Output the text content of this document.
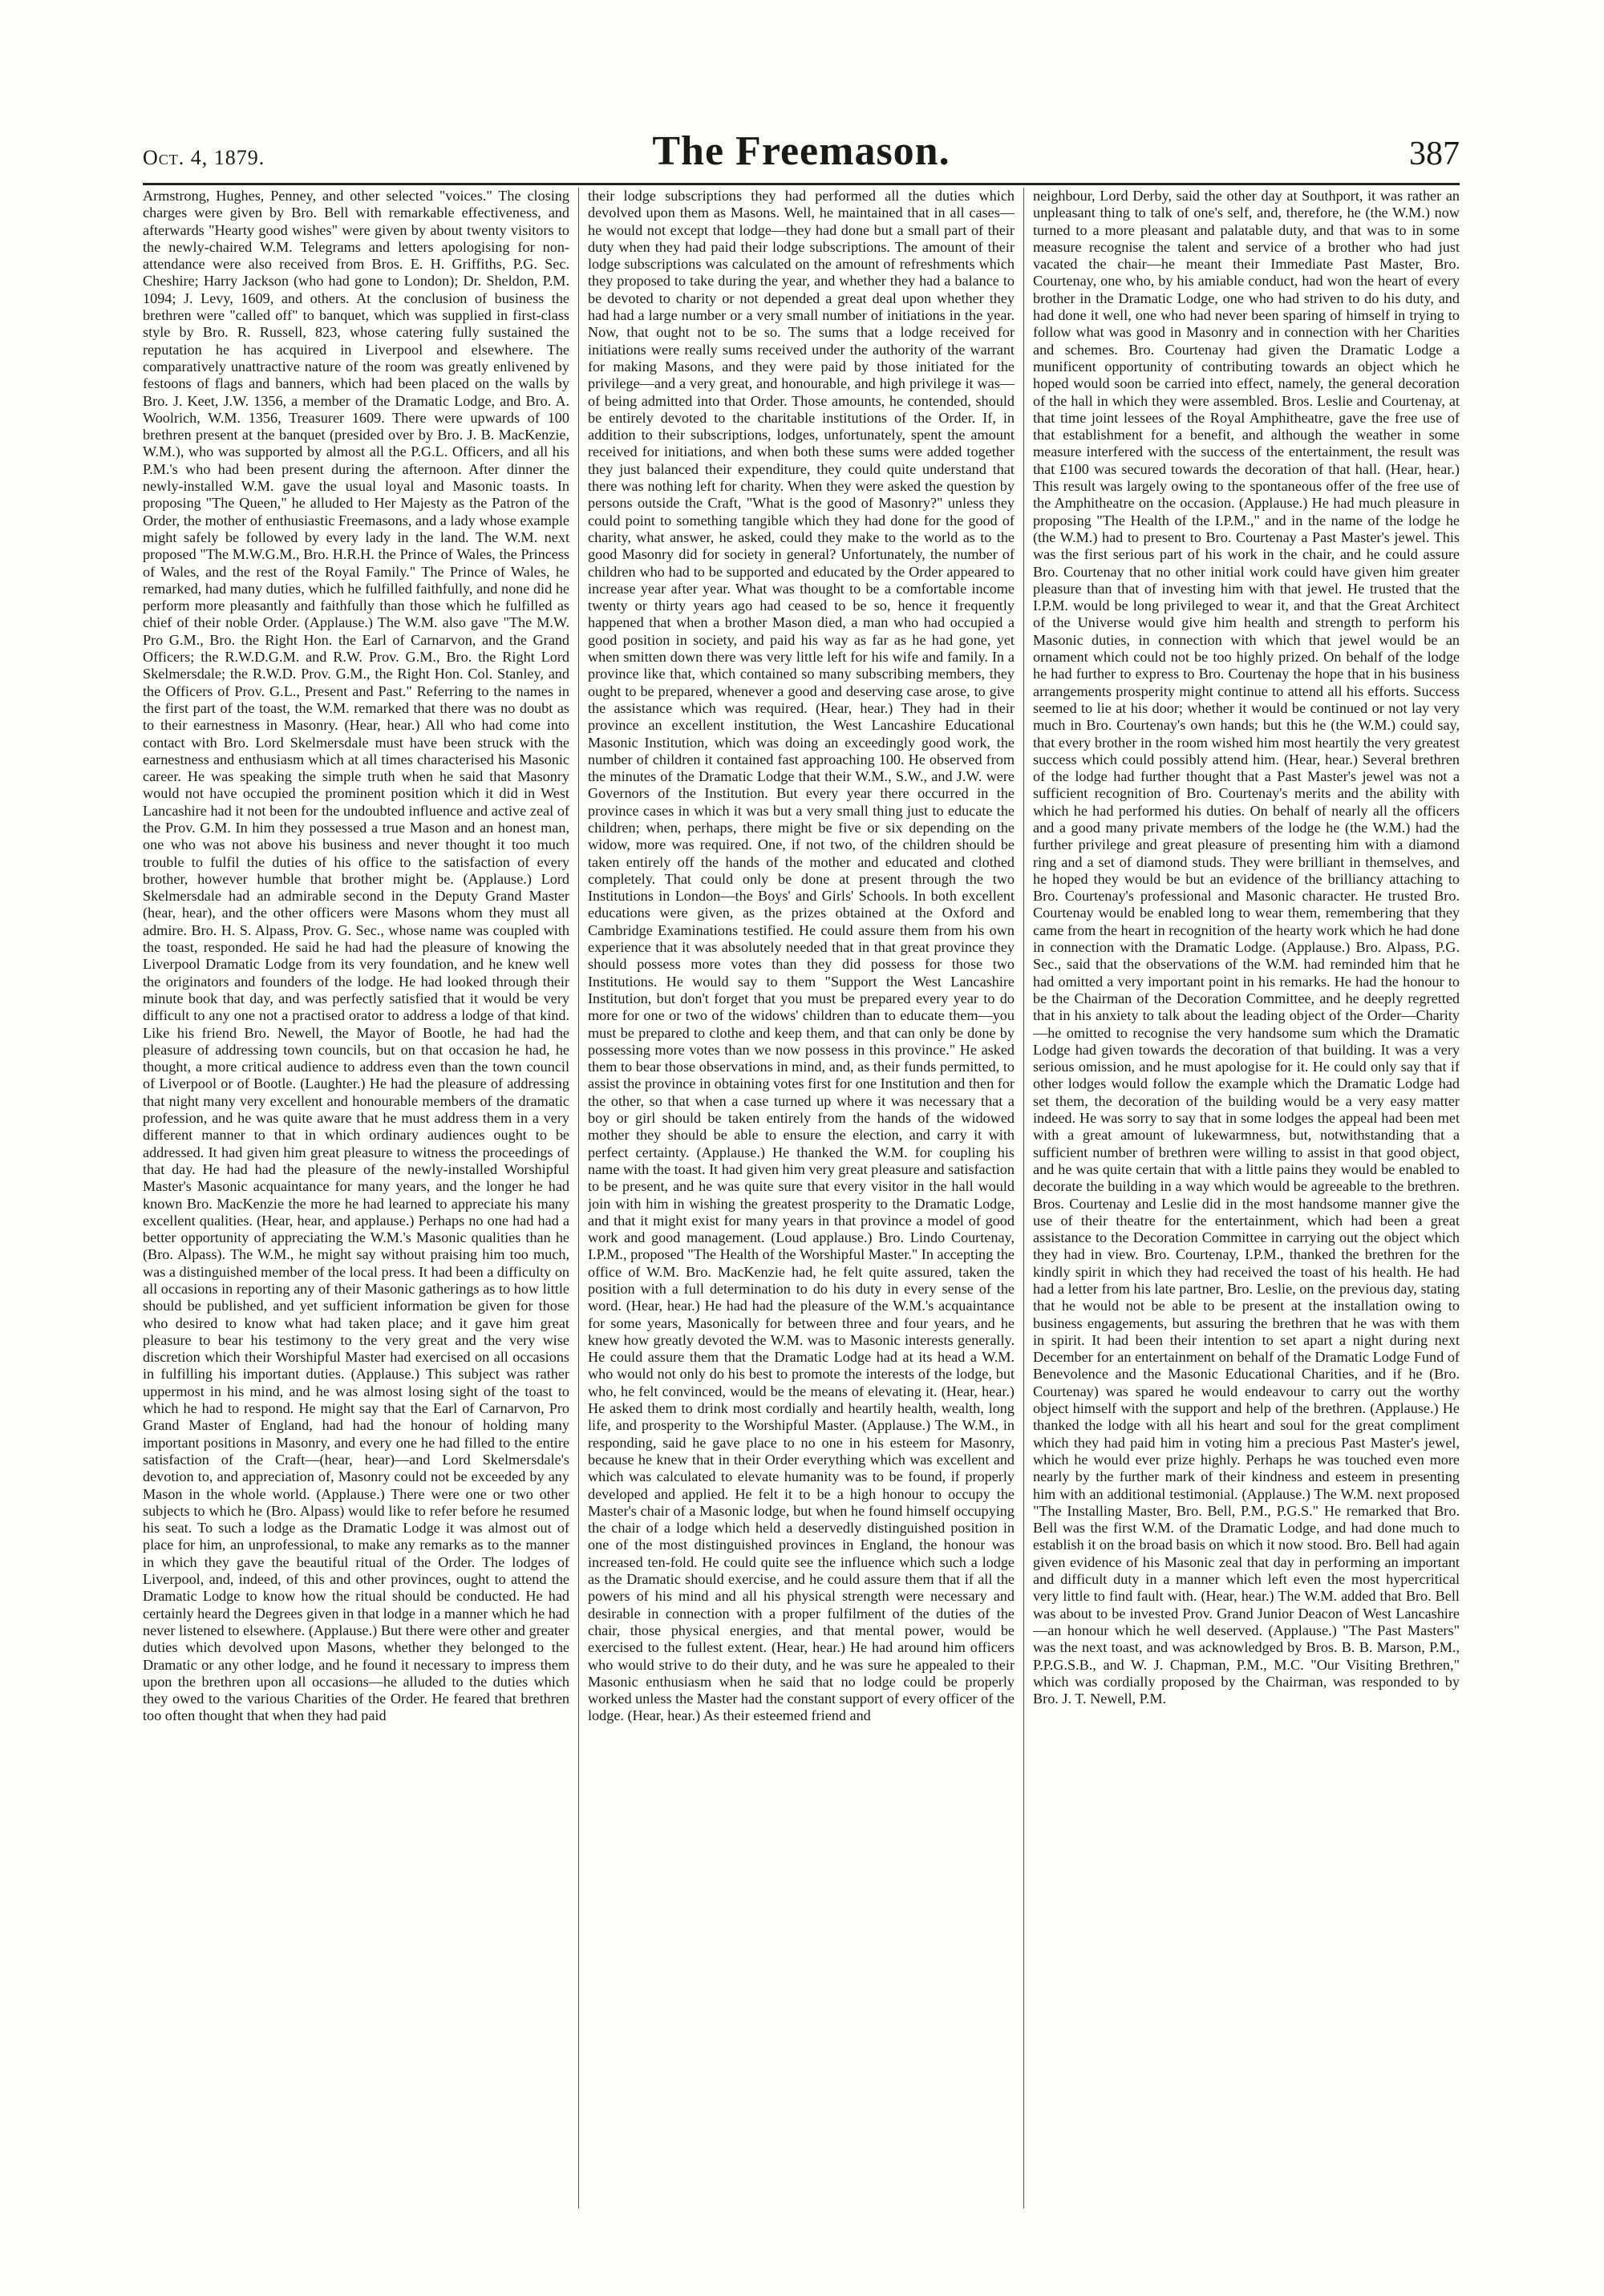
Oct. 4, 1879.	The Freemason.	387

Armstrong, Hughes, Penney, and other selected "voices." The closing charges were given by Bro. Bell with remarkable effectiveness, and afterwards "Hearty good wishes" were given by about twenty visitors to the newly-chaired W.M. Telegrams and letters apologising for non-attendance were also received from Bros. E. H. Griffiths, P.G. Sec. Cheshire; Harry Jackson (who had gone to London); Dr. Sheldon, P.M. 1094; J. Levy, 1609, and others. At the conclusion of business the brethren were "called off" to banquet, which was supplied in first-class style by Bro. R. Russell, 823, whose catering fully sustained the reputation he has acquired in Liverpool and elsewhere. The comparatively unattractive nature of the room was greatly enlivened by festoons of flags and banners, which had been placed on the walls by Bro. J. Keet, J.W. 1356, a member of the Dramatic Lodge, and Bro. A. Woolrich, W.M. 1356, Treasurer 1609. There were upwards of 100 brethren present at the banquet (presided over by Bro. J. B. MacKenzie, W.M.), who was supported by almost all the P.G.L. Officers, and all his P.M.'s who had been present during the afternoon. After dinner the newly-installed W.M. gave the usual loyal and Masonic toasts. In proposing "The Queen," he alluded to Her Majesty as the Patron of the Order, the mother of enthusiastic Freemasons, and a lady whose example might safely be followed by every lady in the land. The W.M. next proposed "The M.W.G.M., Bro. H.R.H. the Prince of Wales, the Princess of Wales, and the rest of the Royal Family." The Prince of Wales, he remarked, had many duties, which he fulfilled faithfully, and none did he perform more pleasantly and faithfully than those which he fulfilled as chief of their noble Order. (Applause.) The W.M. also gave "The M.W. Pro G.M., Bro. the Right Hon. the Earl of Carnarvon, and the Grand Officers; the R.W.D.G.M. and R.W. Prov. G.M., Bro. the Right Lord Skelmersdale; the R.W.D. Prov. G.M., the Right Hon. Col. Stanley, and the Officers of Prov. G.L., Present and Past." Referring to the names in the first part of the toast, the W.M. remarked that there was no doubt as to their earnestness in Masonry. (Hear, hear.) All who had come into contact with Bro. Lord Skelmersdale must have been struck with the earnestness and enthusiasm which at all times characterised his Masonic career. He was speaking the simple truth when he said that Masonry would not have occupied the prominent position which it did in West Lancashire had it not been for the undoubted influence and active zeal of the Prov. G.M. In him they possessed a true Mason and an honest man, one who was not above his business and never thought it too much trouble to fulfil the duties of his office to the satisfaction of every brother, however humble that brother might be. (Applause.) Lord Skelmersdale had an admirable second in the Deputy Grand Master (hear, hear), and the other officers were Masons whom they must all admire. Bro. H. S. Alpass, Prov. G. Sec., whose name was coupled with the toast, responded. He said he had had the pleasure of knowing the Liverpool Dramatic Lodge from its very foundation, and he knew well the originators and founders of the lodge. He had looked through their minute book that day, and was perfectly satisfied that it would be very difficult to any one not a practised orator to address a lodge of that kind. Like his friend Bro. Newell, the Mayor of Bootle, he had had the pleasure of addressing town councils, but on that occasion he had, he thought, a more critical audience to address even than the town council of Liverpool or of Bootle. (Laughter.) He had the pleasure of addressing that night many very excellent and honourable members of the dramatic profession, and he was quite aware that he must address them in a very different manner to that in which ordinary audiences ought to be addressed. It had given him great pleasure to witness the proceedings of that day. He had had the pleasure of the newly-installed Worshipful Master's Masonic acquaintance for many years, and the longer he had known Bro. MacKenzie the more he had learned to appreciate his many excellent qualities. (Hear, hear, and applause.) Perhaps no one had had a better opportunity of appreciating the W.M.'s Masonic qualities than he (Bro. Alpass). The W.M., he might say without praising him too much, was a distinguished member of the local press. It had been a difficulty on all occasions in reporting any of their Masonic gatherings as to how little should be published, and yet sufficient information be given for those who desired to know what had taken place; and it gave him great pleasure to bear his testimony to the very great and the very wise discretion which their Worshipful Master had exercised on all occasions in fulfilling his important duties. (Applause.) This subject was rather uppermost in his mind, and he was almost losing sight of the toast to which he had to respond. He might say that the Earl of Carnarvon, Pro Grand Master of England, had had the honour of holding many important positions in Masonry, and every one he had filled to the entire satisfaction of the Craft—(hear, hear)—and Lord Skelmersdale's devotion to, and appreciation of, Masonry could not be exceeded by any Mason in the whole world. (Applause.) There were one or two other subjects to which he (Bro. Alpass) would like to refer before he resumed his seat. To such a lodge as the Dramatic Lodge it was almost out of place for him, an unprofessional, to make any remarks as to the manner in which they gave the beautiful ritual of the Order. The lodges of Liverpool, and, indeed, of this and other provinces, ought to attend the Dramatic Lodge to know how the ritual should be conducted. He had certainly heard the Degrees given in that lodge in a manner which he had never listened to elsewhere. (Applause.) But there were other and greater duties which devolved upon Masons, whether they belonged to the Dramatic or any other lodge, and he found it necessary to impress them upon the brethren upon all occasions—he alluded to the duties which they owed to the various Charities of the Order. He feared that brethren too often thought that when they had paid

their lodge subscriptions they had performed all the duties which devolved upon them as Masons. Well, he maintained that in all cases—he would not except that lodge—they had done but a small part of their duty when they had paid their lodge subscriptions. The amount of their lodge subscriptions was calculated on the amount of refreshments which they proposed to take during the year, and whether they had a balance to be devoted to charity or not depended a great deal upon whether they had had a large number or a very small number of initiations in the year. Now, that ought not to be so. The sums that a lodge received for initiations were really sums received under the authority of the warrant for making Masons, and they were paid by those initiated for the privilege—and a very great, and honourable, and high privilege it was—of being admitted into that Order. Those amounts, he contended, should be entirely devoted to the charitable institutions of the Order. If, in addition to their subscriptions, lodges, unfortunately, spent the amount received for initiations, and when both these sums were added together they just balanced their expenditure, they could quite understand that there was nothing left for charity. When they were asked the question by persons outside the Craft, "What is the good of Masonry?" unless they could point to something tangible which they had done for the good of charity, what answer, he asked, could they make to the world as to the good Masonry did for society in general? Unfortunately, the number of children who had to be supported and educated by the Order appeared to increase year after year. What was thought to be a comfortable income twenty or thirty years ago had ceased to be so, hence it frequently happened that when a brother Mason died, a man who had occupied a good position in society, and paid his way as far as he had gone, yet when smitten down there was very little left for his wife and family. In a province like that, which contained so many subscribing members, they ought to be prepared, whenever a good and deserving case arose, to give the assistance which was required. (Hear, hear.) They had in their province an excellent institution, the West Lancashire Educational Masonic Institution, which was doing an exceedingly good work, the number of children it contained fast approaching 100. He observed from the minutes of the Dramatic Lodge that their W.M., S.W., and J.W. were Governors of the Institution. But every year there occurred in the province cases in which it was but a very small thing just to educate the children; when, perhaps, there might be five or six depending on the widow, more was required. One, if not two, of the children should be taken entirely off the hands of the mother and educated and clothed completely. That could only be done at present through the two Institutions in London—the Boys' and Girls' Schools. In both excellent educations were given, as the prizes obtained at the Oxford and Cambridge Examinations testified. He could assure them from his own experience that it was absolutely needed that in that great province they should possess more votes than they did possess for those two Institutions. He would say to them "Support the West Lancashire Institution, but don't forget that you must be prepared every year to do more for one or two of the widows' children than to educate them—you must be prepared to clothe and keep them, and that can only be done by possessing more votes than we now possess in this province." He asked them to bear those observations in mind, and, as their funds permitted, to assist the province in obtaining votes first for one Institution and then for the other, so that when a case turned up where it was necessary that a boy or girl should be taken entirely from the hands of the widowed mother they should be able to ensure the election, and carry it with perfect certainty. (Applause.) He thanked the W.M. for coupling his name with the toast. It had given him very great pleasure and satisfaction to be present, and he was quite sure that every visitor in the hall would join with him in wishing the greatest prosperity to the Dramatic Lodge, and that it might exist for many years in that province a model of good work and good management. (Loud applause.) Bro. Lindo Courtenay, I.P.M., proposed "The Health of the Worshipful Master." In accepting the office of W.M. Bro. MacKenzie had, he felt quite assured, taken the position with a full determination to do his duty in every sense of the word. (Hear, hear.) He had had the pleasure of the W.M.'s acquaintance for some years, Masonically for between three and four years, and he knew how greatly devoted the W.M. was to Masonic interests generally. He could assure them that the Dramatic Lodge had at its head a W.M. who would not only do his best to promote the interests of the lodge, but who, he felt convinced, would be the means of elevating it. (Hear, hear.) He asked them to drink most cordially and heartily health, wealth, long life, and prosperity to the Worshipful Master. (Applause.) The W.M., in responding, said he gave place to no one in his esteem for Masonry, because he knew that in their Order everything which was excellent and which was calculated to elevate humanity was to be found, if properly developed and applied. He felt it to be a high honour to occupy the Master's chair of a Masonic lodge, but when he found himself occupying the chair of a lodge which held a deservedly distinguished position in one of the most distinguished provinces in England, the honour was increased ten-fold. He could quite see the influence which such a lodge as the Dramatic should exercise, and he could assure them that if all the powers of his mind and all his physical strength were necessary and desirable in connection with a proper fulfilment of the duties of the chair, those physical energies, and that mental power, would be exercised to the fullest extent. (Hear, hear.) He had around him officers who would strive to do their duty, and he was sure he appealed to their Masonic enthusiasm when he said that no lodge could be properly worked unless the Master had the constant support of every officer of the lodge. (Hear, hear.) As their esteemed friend and

neighbour, Lord Derby, said the other day at Southport, it was rather an unpleasant thing to talk of one's self, and, therefore, he (the W.M.) now turned to a more pleasant and palatable duty, and that was to in some measure recognise the talent and service of a brother who had just vacated the chair—he meant their Immediate Past Master, Bro. Courtenay, one who, by his amiable conduct, had won the heart of every brother in the Dramatic Lodge, one who had striven to do his duty, and had done it well, one who had never been sparing of himself in trying to follow what was good in Masonry and in connection with her Charities and schemes. Bro. Courtenay had given the Dramatic Lodge a munificent opportunity of contributing towards an object which he hoped would soon be carried into effect, namely, the general decoration of the hall in which they were assembled. Bros. Leslie and Courtenay, at that time joint lessees of the Royal Amphitheatre, gave the free use of that establishment for a benefit, and although the weather in some measure interfered with the success of the entertainment, the result was that £100 was secured towards the decoration of that hall. (Hear, hear.) This result was largely owing to the spontaneous offer of the free use of the Amphitheatre on the occasion. (Applause.) He had much pleasure in proposing "The Health of the I.P.M.," and in the name of the lodge he (the W.M.) had to present to Bro. Courtenay a Past Master's jewel. This was the first serious part of his work in the chair, and he could assure Bro. Courtenay that no other initial work could have given him greater pleasure than that of investing him with that jewel. He trusted that the I.P.M. would be long privileged to wear it, and that the Great Architect of the Universe would give him health and strength to perform his Masonic duties, in connection with which that jewel would be an ornament which could not be too highly prized. On behalf of the lodge he had further to express to Bro. Courtenay the hope that in his business arrangements prosperity might continue to attend all his efforts. Success seemed to lie at his door; whether it would be continued or not lay very much in Bro. Courtenay's own hands; but this he (the W.M.) could say, that every brother in the room wished him most heartily the very greatest success which could possibly attend him. (Hear, hear.) Several brethren of the lodge had further thought that a Past Master's jewel was not a sufficient recognition of Bro. Courtenay's merits and the ability with which he had performed his duties. On behalf of nearly all the officers and a good many private members of the lodge he (the W.M.) had the further privilege and great pleasure of presenting him with a diamond ring and a set of diamond studs. They were brilliant in themselves, and he hoped they would be but an evidence of the brilliancy attaching to Bro. Courtenay's professional and Masonic character. He trusted Bro. Courtenay would be enabled long to wear them, remembering that they came from the heart in recognition of the hearty work which he had done in connection with the Dramatic Lodge. (Applause.) Bro. Alpass, P.G. Sec., said that the observations of the W.M. had reminded him that he had omitted a very important point in his remarks. He had the honour to be the Chairman of the Decoration Committee, and he deeply regretted that in his anxiety to talk about the leading object of the Order—Charity—he omitted to recognise the very handsome sum which the Dramatic Lodge had given towards the decoration of that building. It was a very serious omission, and he must apologise for it. He could only say that if other lodges would follow the example which the Dramatic Lodge had set them, the decoration of the building would be a very easy matter indeed. He was sorry to say that in some lodges the appeal had been met with a great amount of lukewarmness, but, notwithstanding that a sufficient number of brethren were willing to assist in that good object, and he was quite certain that with a little pains they would be enabled to decorate the building in a way which would be agreeable to the brethren. Bros. Courtenay and Leslie did in the most handsome manner give the use of their theatre for the entertainment, which had been a great assistance to the Decoration Committee in carrying out the object which they had in view. Bro. Courtenay, I.P.M., thanked the brethren for the kindly spirit in which they had received the toast of his health. He had had a letter from his late partner, Bro. Leslie, on the previous day, stating that he would not be able to be present at the installation owing to business engagements, but assuring the brethren that he was with them in spirit. It had been their intention to set apart a night during next December for an entertainment on behalf of the Dramatic Lodge Fund of Benevolence and the Masonic Educational Charities, and if he (Bro. Courtenay) was spared he would endeavour to carry out the worthy object himself with the support and help of the brethren. (Applause.) He thanked the lodge with all his heart and soul for the great compliment which they had paid him in voting him a precious Past Master's jewel, which he would ever prize highly. Perhaps he was touched even more nearly by the further mark of their kindness and esteem in presenting him with an additional testimonial. (Applause.) The W.M. next proposed "The Installing Master, Bro. Bell, P.M., P.G.S." He remarked that Bro. Bell was the first W.M. of the Dramatic Lodge, and had done much to establish it on the broad basis on which it now stood. Bro. Bell had again given evidence of his Masonic zeal that day in performing an important and difficult duty in a manner which left even the most hypercritical very little to find fault with. (Hear, hear.) The W.M. added that Bro. Bell was about to be invested Prov. Grand Junior Deacon of West Lancashire—an honour which he well deserved. (Applause.) "The Past Masters" was the next toast, and was acknowledged by Bros. B. B. Marson, P.M., P.P.G.S.B., and W. J. Chapman, P.M., M.C. "Our Visiting Brethren," which was cordially proposed by the Chairman, was responded to by Bro. J. T. Newell, P.M.
